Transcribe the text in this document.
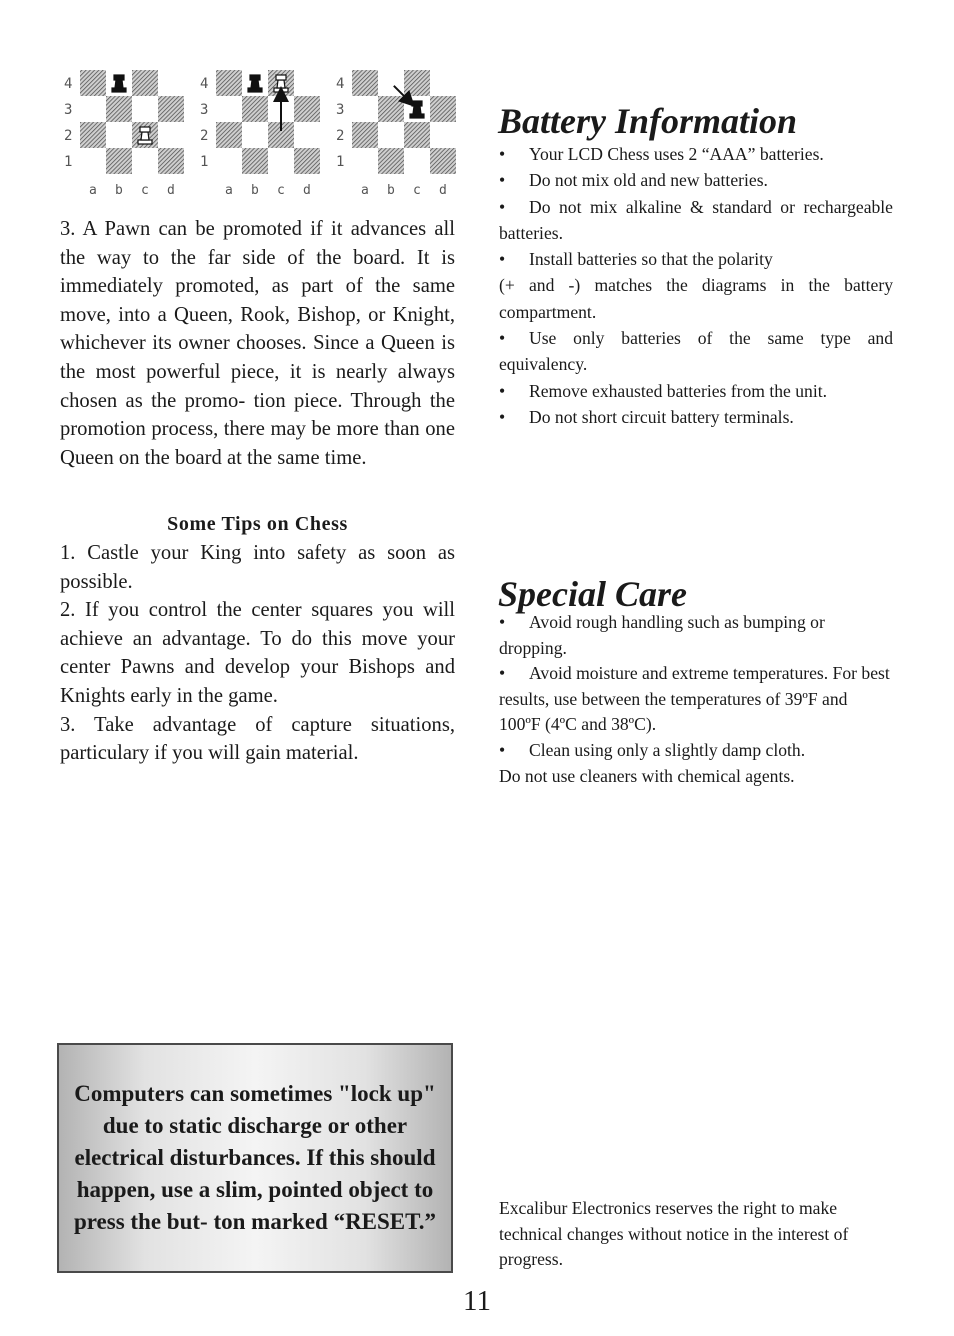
4
3
2
1
a b c d
4
3
2
1
a b c d
4
3
2
1
a b c d

3. A Pawn can be promoted if it advances all the way to the far side of the board. It is immediately promoted, as part of the same move, into a Queen, Rook, Bishop, or Knight, whichever its owner chooses. Since a Queen is the most powerful piece, it is nearly always chosen as the promo- tion piece. Through the promotion process, there may be more than one Queen on the board at the same time.

Some Tips on Chess

1. Castle your King into safety as soon as possible.

2. If you control the center squares you will achieve an advantage. To do this move your center Pawns and develop your Bishops and Knights early in the game.

3. Take advantage of capture situations, particulary if you will gain material.

Computers can sometimes "lock up" due to static discharge or other electrical disturbances. If this should happen, use a slim, pointed object to press the but- ton marked “RESET.”

Battery Information
• Your LCD Chess uses 2 “AAA” batteries.
• Do not mix old and new batteries.
• Do not mix alkaline & standard or rechargeable batteries.
• Install batteries so that the polarity
(+ and -) matches the diagrams in the battery compartment.
• Use only batteries of the same type and equivalency.
• Remove exhausted batteries from the unit.
• Do not short circuit battery terminals.
Special Care
• Avoid rough handling such as bumping or dropping.
• Avoid moisture and extreme temperatures. For best results, use between the temperatures of 39ºF and 100ºF (4ºC and 38ºC).
• Clean using only a slightly damp cloth.
Do not use cleaners with chemical agents.

Excalibur Electronics reserves the right to make technical changes without notice in the interest of progress.

11
